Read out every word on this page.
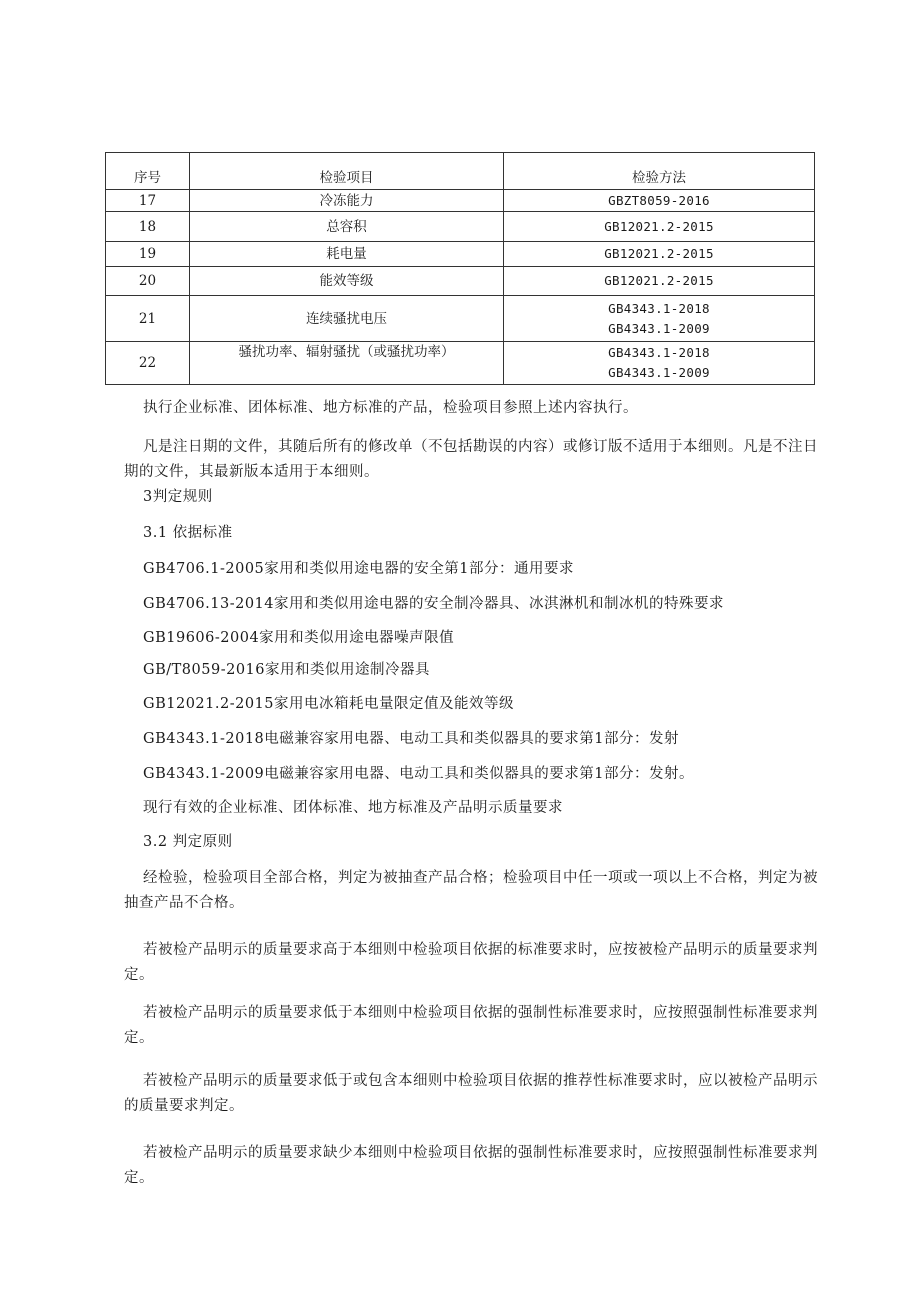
序号	检验项目	检验方法
17	冷冻能力	GBZT8059-2016

18	总容积	GB12021.2-2015

19	耗电量	GB12021.2-2015

20	能效等级	GB12021.2-2015

21	连续骚扰电压	GB4343.1-2018
GB4343.1-2009

22	骚扰功率、辐射骚扰（或骚扰功率）	GB4343.1-2018
GB4343.1-2009

执行企业标准、团体标准、地方标准的产品，检验项目参照上述内容执行。

凡是注日期的文件，其随后所有的修改单（不包括勘误的内容）或修订版不适用于本细则。凡是不注日期的文件，其最新版本适用于本细则。

3判定规则

3.1 依据标准

GB4706.1-2005家用和类似用途电器的安全第1部分：通用要求

GB4706.13-2014家用和类似用途电器的安全制冷器具、冰淇淋机和制冰机的特殊要求

GB19606-2004家用和类似用途电器噪声限值

GB/T8059-2016家用和类似用途制冷器具

GB12021.2-2015家用电冰箱耗电量限定值及能效等级

GB4343.1-2018电磁兼容家用电器、电动工具和类似器具的要求第1部分：发射

GB4343.1-2009电磁兼容家用电器、电动工具和类似器具的要求第1部分：发射。

现行有效的企业标准、团体标准、地方标准及产品明示质量要求

3.2 判定原则

经检验，检验项目全部合格，判定为被抽查产品合格；检验项目中任一项或一项以上不合格，判定为被抽查产品不合格。

若被检产品明示的质量要求高于本细则中检验项目依据的标准要求时，应按被检产品明示的质量要求判定。

若被检产品明示的质量要求低于本细则中检验项目依据的强制性标准要求时，应按照强制性标准要求判定。

若被检产品明示的质量要求低于或包含本细则中检验项目依据的推荐性标准要求时，应以被检产品明示的质量要求判定。

若被检产品明示的质量要求缺少本细则中检验项目依据的强制性标准要求时，应按照强制性标准要求判定。
